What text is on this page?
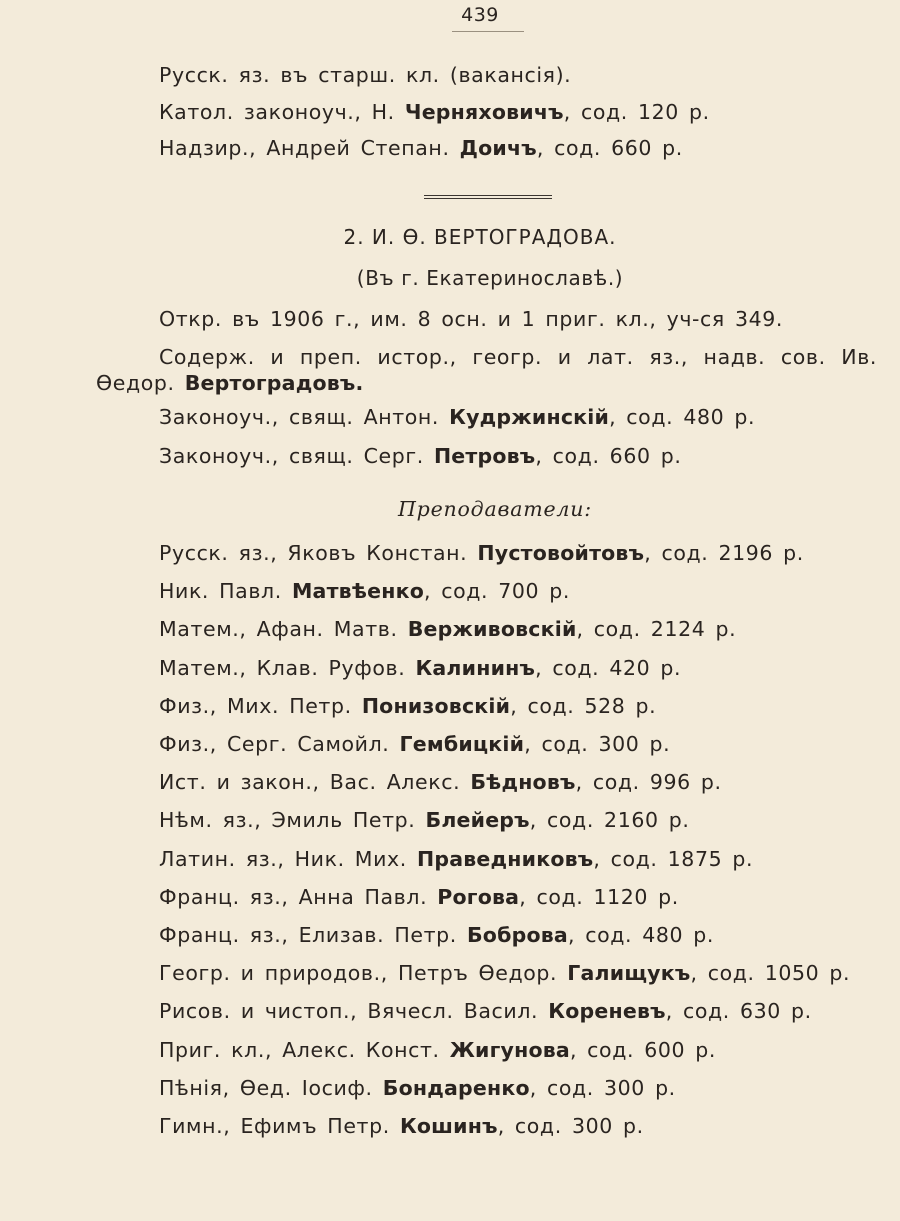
439
Русск. яз. въ старш. кл. (вакансія).
Катол. законоуч., Н. Черняховичъ, сод. 120 р.
Надзир., Андрей Степан. Доичъ, сод. 660 р.
2. И. Ѳ. ВЕРТОГРАДОВА.
(Въ г. Екатеринославѣ.)
Откр. въ 1906 г., им. 8 осн. и 1 приг. кл., уч-ся 349.
Содерж. и преп. истор., геогр. и лат. яз., надв. сов. Ив.
Ѳедор. Вертоградовъ.
Законоуч., свящ. Антон. Кудржинскій, сод. 480 р.
Законоуч., свящ. Серг. Петровъ, сод. 660 р.
Преподаватели:
Русск. яз., Яковъ Констан. Пустовойтовъ, сод. 2196 р.
Ник. Павл. Матвѣенко, сод. 700 р.
Матем., Афан. Матв. Верживовскій, сод. 2124 р.
Матем., Клав. Руфов. Калининъ, сод. 420 р.
Физ., Мих. Петр. Понизовскій, сод. 528 р.
Физ., Серг. Самойл. Гембицкій, сод. 300 р.
Ист. и закон., Вас. Алекс. Бѣдновъ, сод. 996 р.
Нѣм. яз., Эмиль Петр. Блейеръ, сод. 2160 р.
Латин. яз., Ник. Мих. Праведниковъ, сод. 1875 р.
Франц. яз., Анна Павл. Рогова, сод. 1120 р.
Франц. яз., Елизав. Петр. Боброва, сод. 480 р.
Геогр. и природов., Петръ Ѳедор. Галищукъ, сод. 1050 р.
Рисов. и чистоп., Вячесл. Васил. Кореневъ, сод. 630 р.
Приг. кл., Алекс. Конст. Жигунова, сод. 600 р.
Пѣнія, Ѳед. Іосиф. Бондаренко, сод. 300 р.
Гимн., Ефимъ Петр. Кошинъ, сод. 300 р.
